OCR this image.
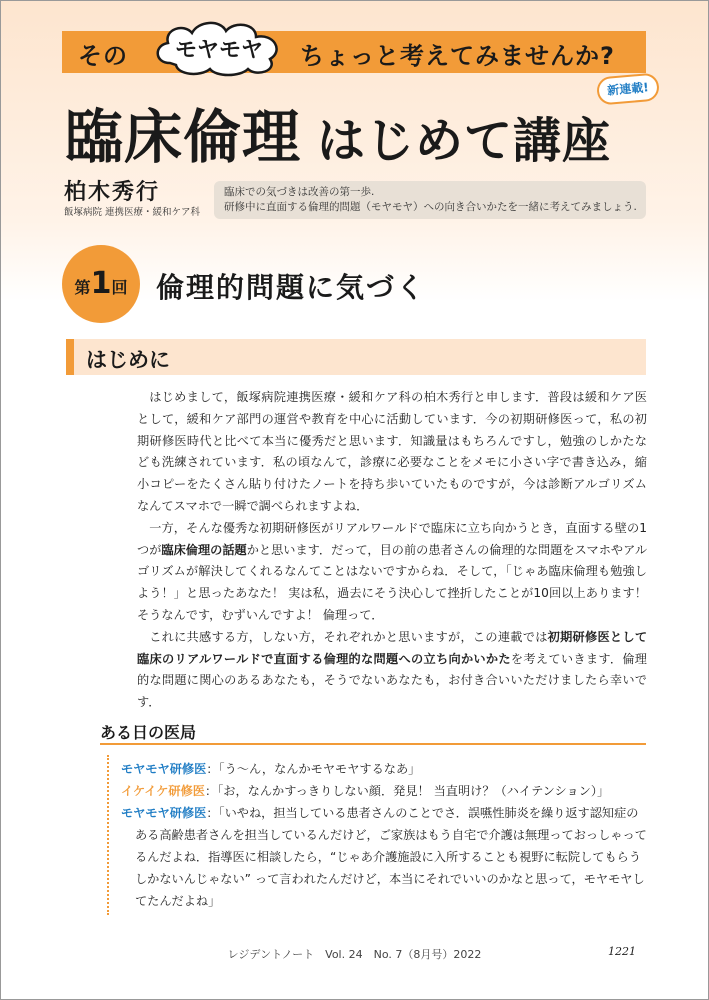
その	モヤモヤ	ちょっと考えてみませんか?
臨床倫理 はじめて講座
新連載!
柏木秀行
飯塚病院 連携医療・緩和ケア科
臨床での気づきは改善の第一歩.
研修中に直面する倫理的問題（モヤモヤ）への向き合いかたを一緒に考えてみましょう.
第1回	倫理的問題に気づく
はじめに

はじめまして，飯塚病院連携医療・緩和ケア科の柏木秀行と申します．普段は緩和ケア医として，緩和ケア部門の運営や教育を中心に活動しています．今の初期研修医って，私の初期研修医時代と比べて本当に優秀だと思います．知識量はもちろんですし，勉強のしかたなども洗練されています．私の頃なんて，診療に必要なことをメモに小さい字で書き込み，縮小コピーをたくさん貼り付けたノートを持ち歩いていたものですが，今は診断アルゴリズムなんてスマホで一瞬で調べられますよね．

一方，そんな優秀な初期研修医がリアルワールドで臨床に立ち向かうとき，直面する壁の1つが臨床倫理の話題かと思います．だって，目の前の患者さんの倫理的な問題をスマホやアルゴリズムが解決してくれるなんてことはないですからね．そして，「じゃあ臨床倫理も勉強しよう！」と思ったあなた！ 実は私，過去にそう決心して挫折したことが10回以上あります！ そうなんです，むずいんですよ！ 倫理って．

これに共感する方，しない方，それぞれかと思いますが，この連載では初期研修医として臨床のリアルワールドで直面する倫理的な問題への立ち向かいかたを考えていきます．倫理的な問題に関心のあるあなたも，そうでないあなたも，お付き合いいただけましたら幸いです．

ある日の医局
モヤモヤ研修医：「う～ん，なんかモヤモヤするなあ」
イケイケ研修医：「お，なんかすっきりしない顔．発見！ 当直明け？（ハイテンション）」
モヤモヤ研修医：「いやね，担当している患者さんのことでさ．誤嚥性肺炎を繰り返す認知症のある高齢患者さんを担当しているんだけど，ご家族はもう自宅で介護は無理っておっしゃってるんだよね．指導医に相談したら，“じゃあ介護施設に入所することも視野に転院してもらうしかないんじゃない” って言われたんだけど，本当にそれでいいのかなと思って，モヤモヤしてたんだよね」
レジデントノート　Vol. 24　No. 7（8月号）2022	1221
